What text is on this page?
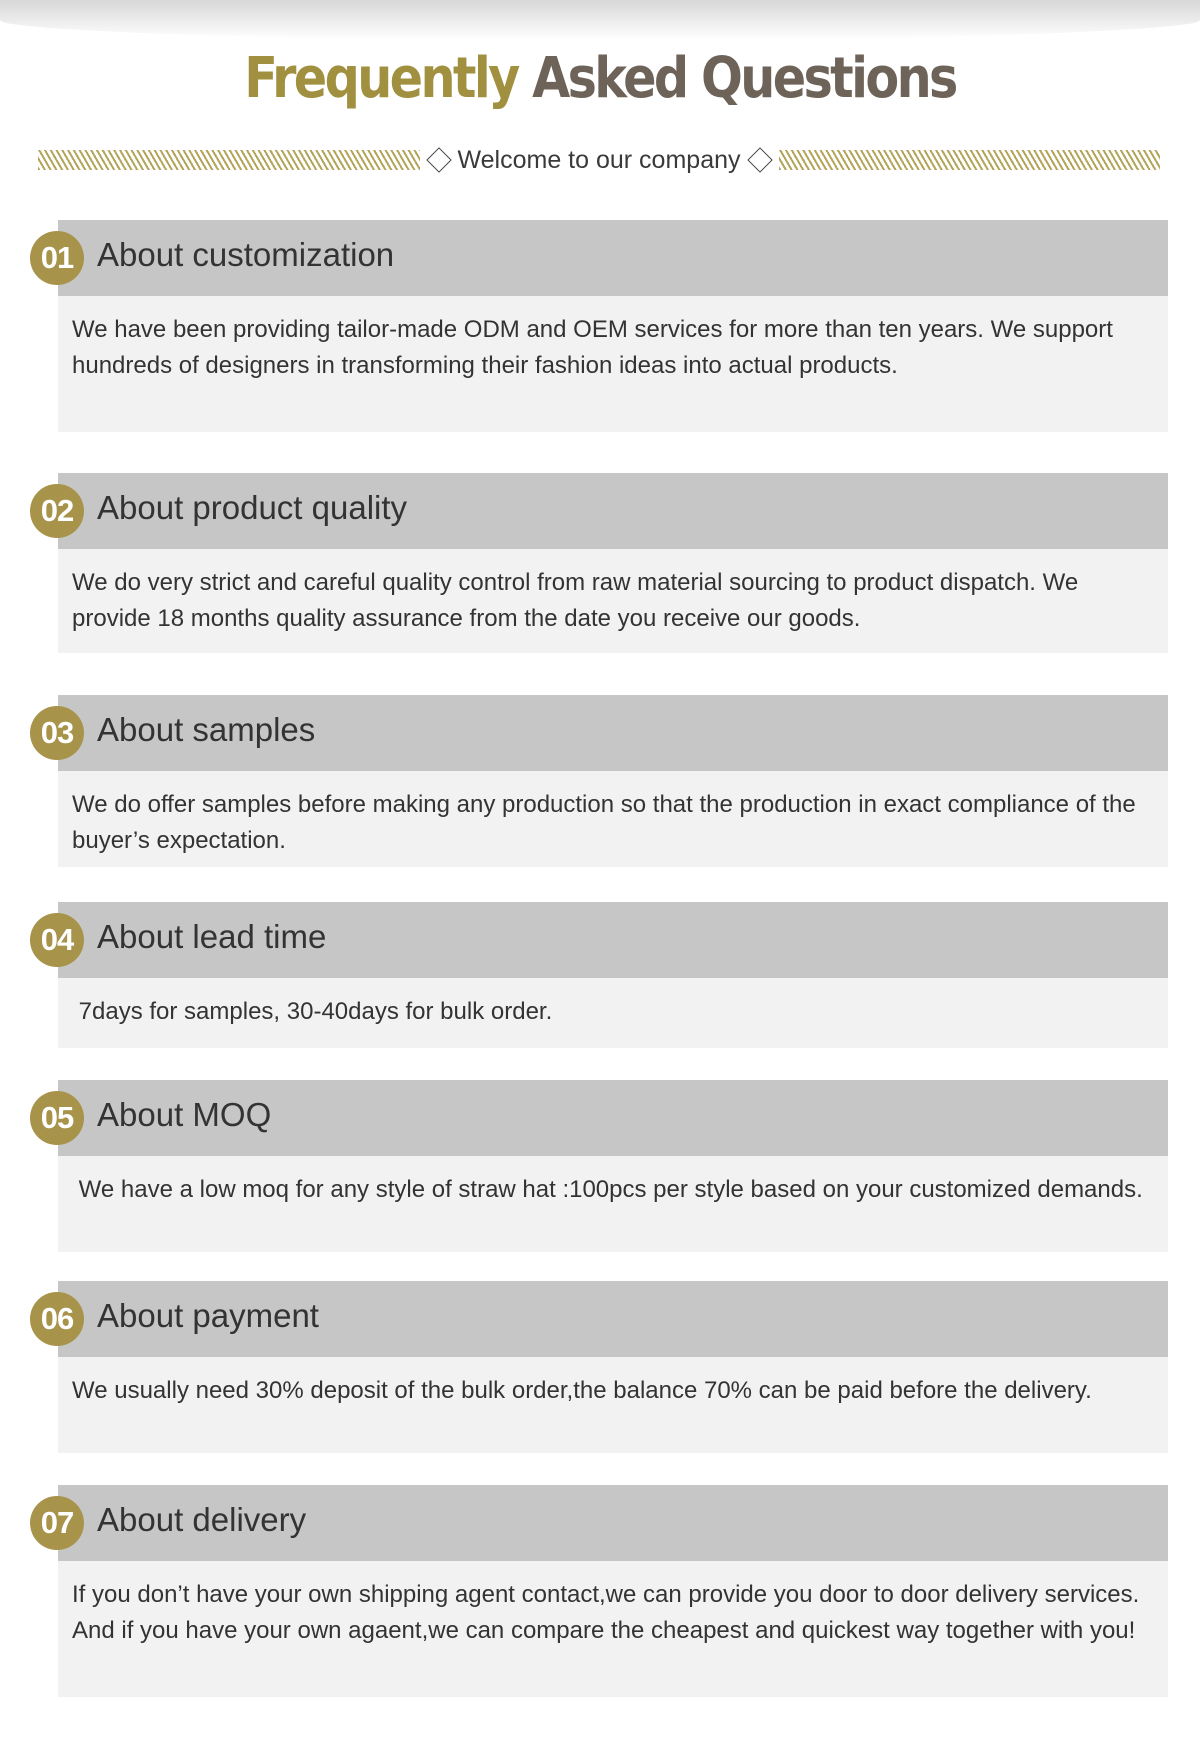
Frequently Asked Questions
Welcome to our company
01 About customization
We have been providing tailor-made ODM and OEM services for more than ten years. We support hundreds of designers in transforming their fashion ideas into actual products.
02 About product quality
We do very strict and careful quality control from raw material sourcing to product dispatch. We provide 18 months quality assurance from the date you receive our goods.
03 About samples
We do offer samples before making any production so that the production in exact compliance of the buyer’s expectation.
04 About lead time
7days for samples, 30-40days for bulk order.
05 About MOQ
We have a low moq for any style of straw hat :100pcs per style based on your customized demands.
06 About payment
We usually need 30% deposit of the bulk order,the balance 70% can be paid before the delivery.
07 About delivery
If you don’t have your own shipping agent contact,we can provide you door to door delivery services. And if you have your own agaent,we can compare the cheapest and quickest way together with you!
